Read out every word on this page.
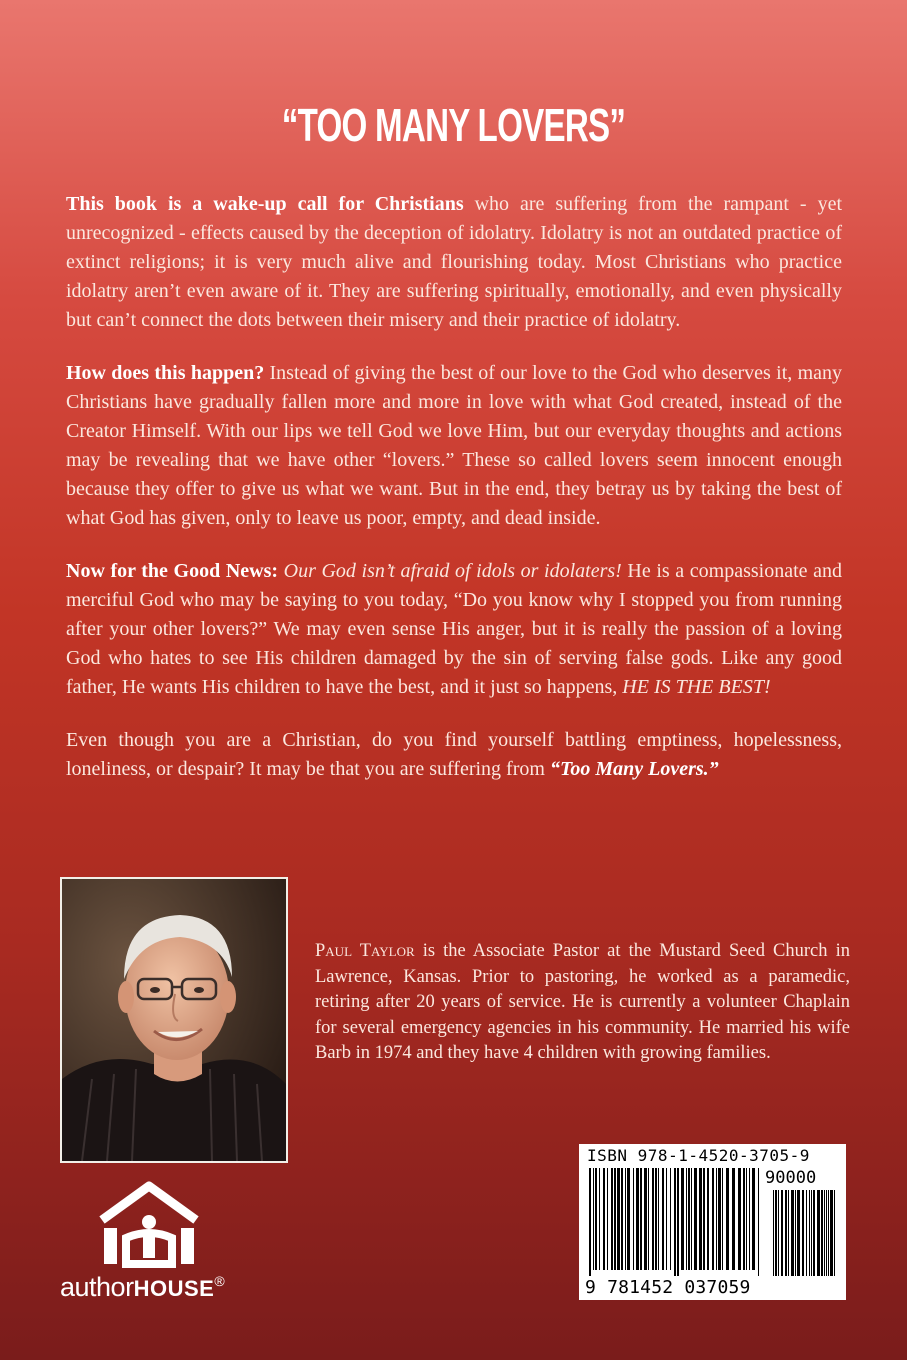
“TOO MANY LOVERS”

This book is a wake-up call for Christians who are suffering from the rampant - yet unrecognized - effects caused by the deception of idolatry. Idolatry is not an outdated practice of extinct religions; it is very much alive and flourishing today. Most Christians who practice idolatry aren’t even aware of it. They are suffering spiritually, emotionally, and even physically but can’t connect the dots between their misery and their practice of idolatry.

How does this happen? Instead of giving the best of our love to the God who deserves it, many Christians have gradually fallen more and more in love with what God created, instead of the Creator Himself. With our lips we tell God we love Him, but our everyday thoughts and actions may be revealing that we have other “lovers.” These so called lovers seem innocent enough because they offer to give us what we want. But in the end, they betray us by taking the best of what God has given, only to leave us poor, empty, and dead inside.

Now for the Good News: Our God isn’t afraid of idols or idolaters! He is a compassionate and merciful God who may be saying to you today, “Do you know why I stopped you from running after your other lovers?” We may even sense His anger, but it is really the passion of a loving God who hates to see His children damaged by the sin of serving false gods. Like any good father, He wants His children to have the best, and it just so happens, HE IS THE BEST!

Even though you are a Christian, do you find yourself battling emptiness, hopelessness, loneliness, or despair? It may be that you are suffering from “Too Many Lovers.”

Paul Taylor is the Associate Pastor at the Mustard Seed Church in Lawrence, Kansas. Prior to pastoring, he worked as a paramedic, retiring after 20 years of service. He is currently a volunteer Chaplain for several emergency agencies in his community. He married his wife Barb in 1974 and they have 4 children with growing families.
ISBN 978-1-4520-3705-9
90000
9 781452 037059
authorHOUSE®
